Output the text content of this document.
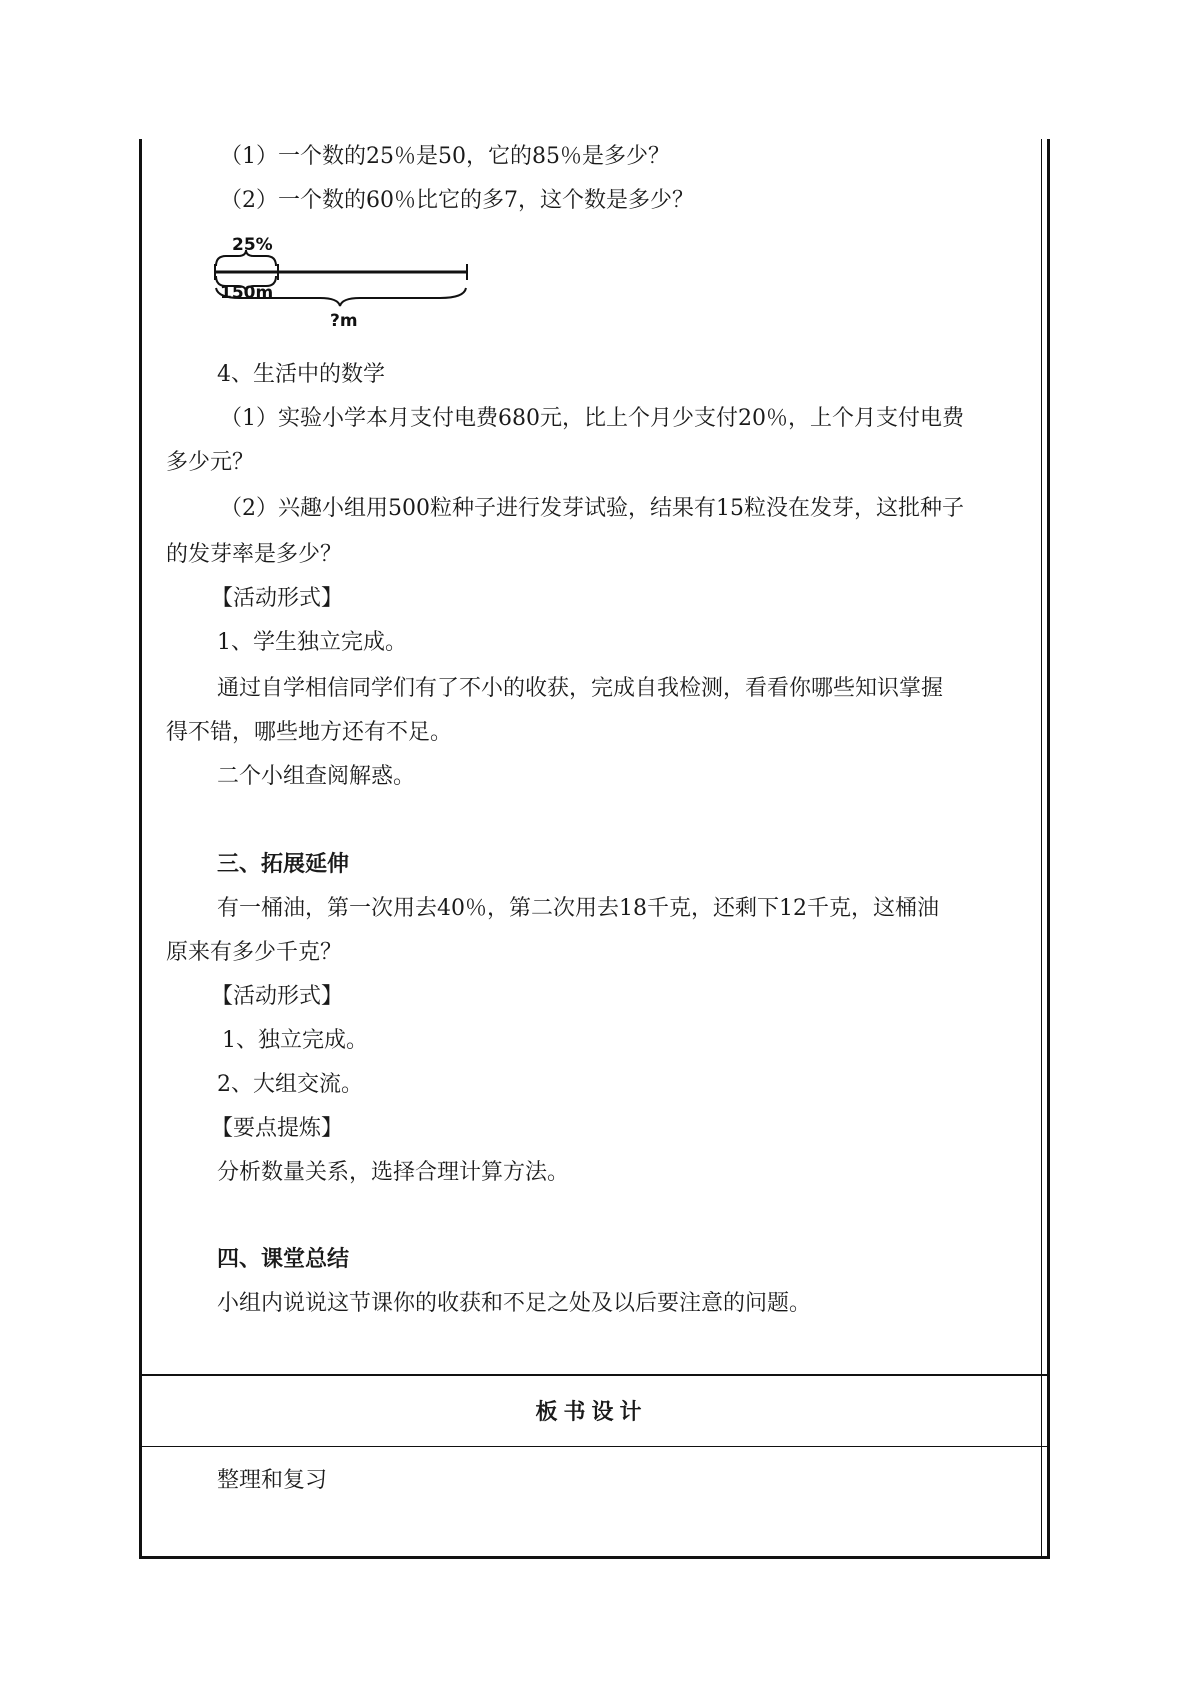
（1）一个数的25％是50，它的85％是多少？
（2）一个数的60％比它的多7，这个数是多少？
25%
150m
?m
4、生活中的数学
（1）实验小学本月支付电费680元，比上个月少支付20％，上个月支付电费
多少元？
（2）兴趣小组用500粒种子进行发芽试验，结果有15粒没在发芽，这批种子
的发芽率是多少？
【活动形式】
1、学生独立完成。
通过自学相信同学们有了不小的收获，完成自我检测，看看你哪些知识掌握
得不错，哪些地方还有不足。
二个小组查阅解惑。
三、拓展延伸
有一桶油，第一次用去40％，第二次用去18千克，还剩下12千克，这桶油
原来有多少千克？
【活动形式】
1、独立完成。
2、大组交流。
【要点提炼】
分析数量关系，选择合理计算方法。
四、课堂总结
小组内说说这节课你的收获和不足之处及以后要注意的问题。
板书设计
整理和复习
